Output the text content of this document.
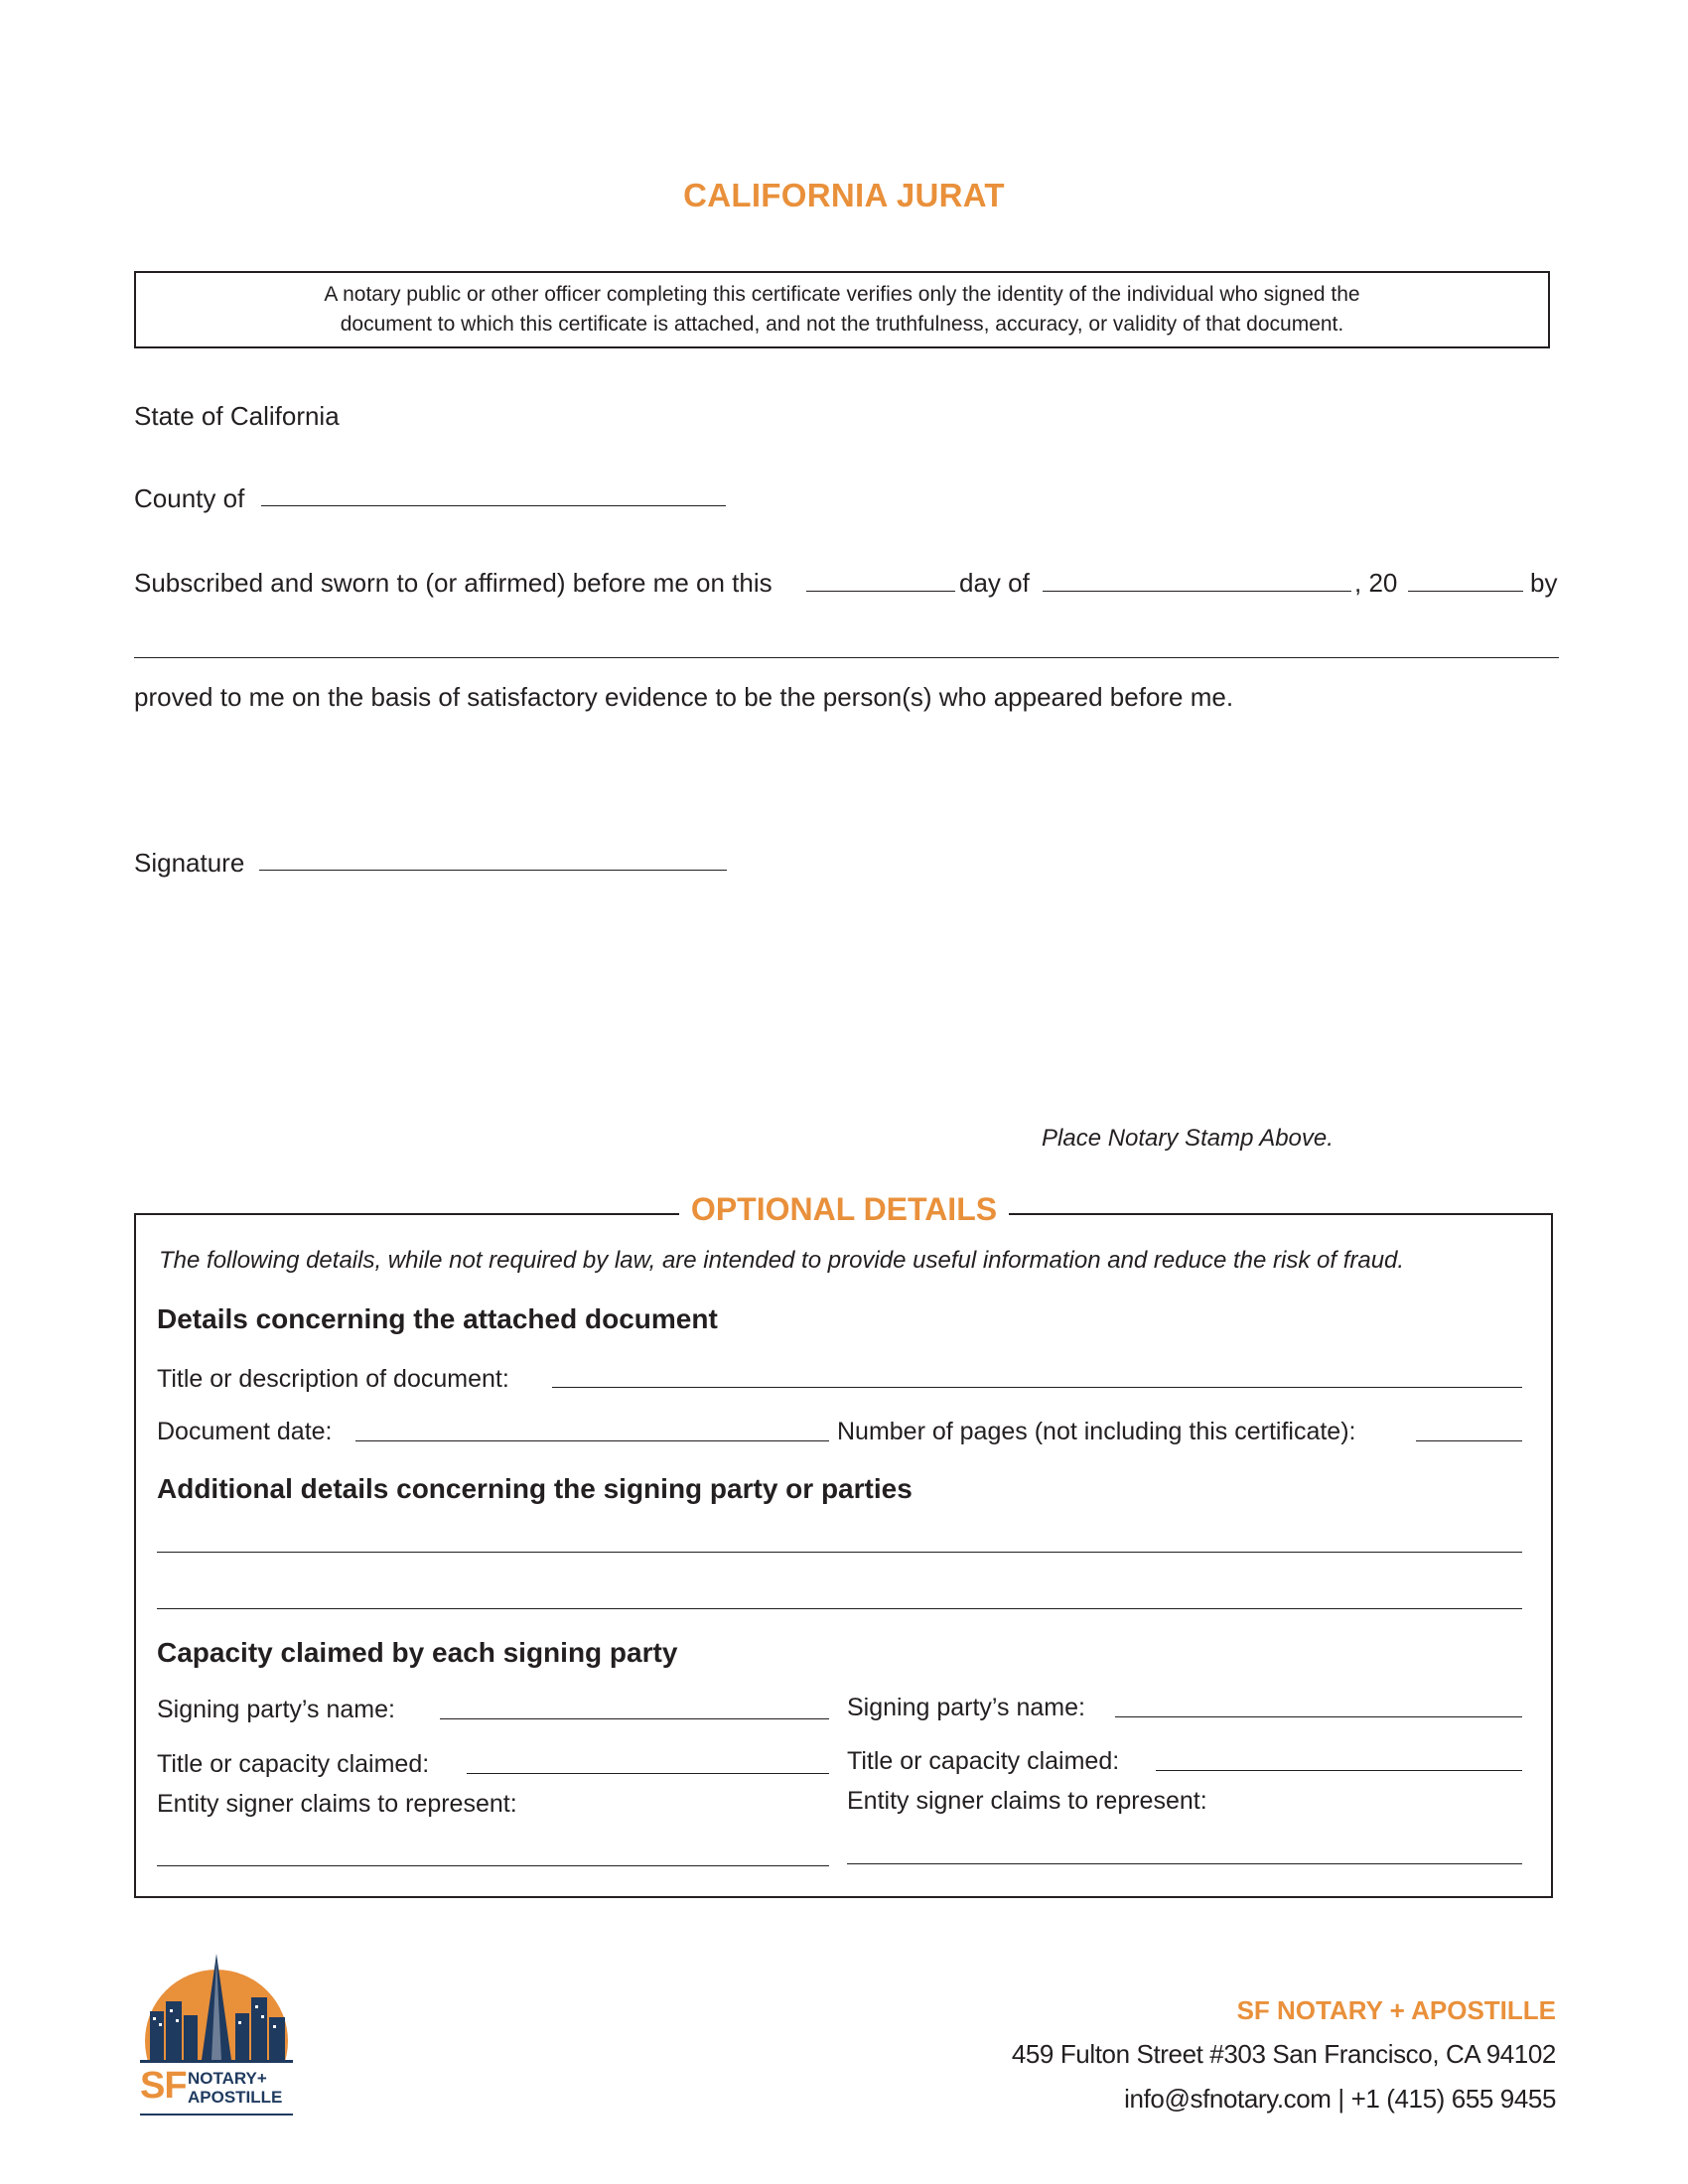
CALIFORNIA JURAT
A notary public or other officer completing this certificate verifies only the identity of the individual who signed the
document to which this certificate is attached, and not the truthfulness, accuracy, or validity of that document.
State of California
County of
Subscribed and sworn to (or affirmed) before me on this	day of	, 20	by
proved to me on the basis of satisfactory evidence to be the person(s) who appeared before me.
Signature
Place Notary Stamp Above.
OPTIONAL DETAILS
The following details, while not required by law, are intended to provide useful information and reduce the risk of fraud.
Details concerning the attached document
Title or description of document:
Document date:	Number of pages (not including this certificate):
Additional details concerning the signing party or parties
Capacity claimed by each signing party
Signing party’s name:
Title or capacity claimed:
Entity signer claims to represent:
Signing party’s name:
Title or capacity claimed:
Entity signer claims to represent:
SF NOTARY+
APOSTILLE
SF NOTARY + APOSTILLE
459 Fulton Street #303 San Francisco, CA 94102
info@sfnotary.com | +1 (415) 655 9455
